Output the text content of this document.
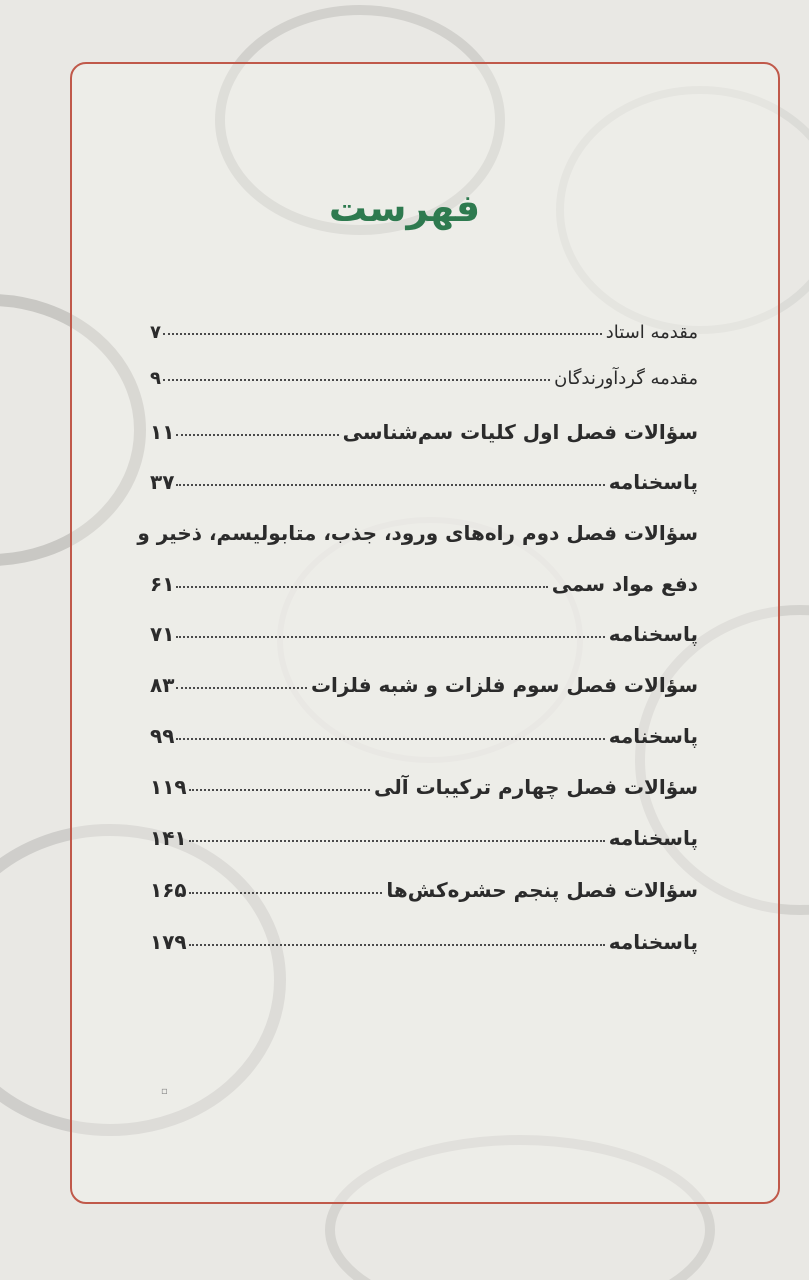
فهرست
مقدمه استاد
۷
مقدمه گردآورندگان
۹
سؤالات فصل اول کلیات سم‌شناسی
۱۱
پاسخنامه
۳۷
سؤالات فصل دوم راه‌های ورود، جذب، متابولیسم، ذخیر و
دفع مواد سمی
۶۱
پاسخنامه
۷۱
سؤالات فصل سوم فلزات و شبه فلزات
۸۳
پاسخنامه
۹۹
سؤالات فصل چهارم ترکیبات آلی
۱۱۹
پاسخنامه
۱۴۱
سؤالات فصل پنجم حشره‌کش‌ها
۱۶۵
پاسخنامه
۱۷۹
▫
